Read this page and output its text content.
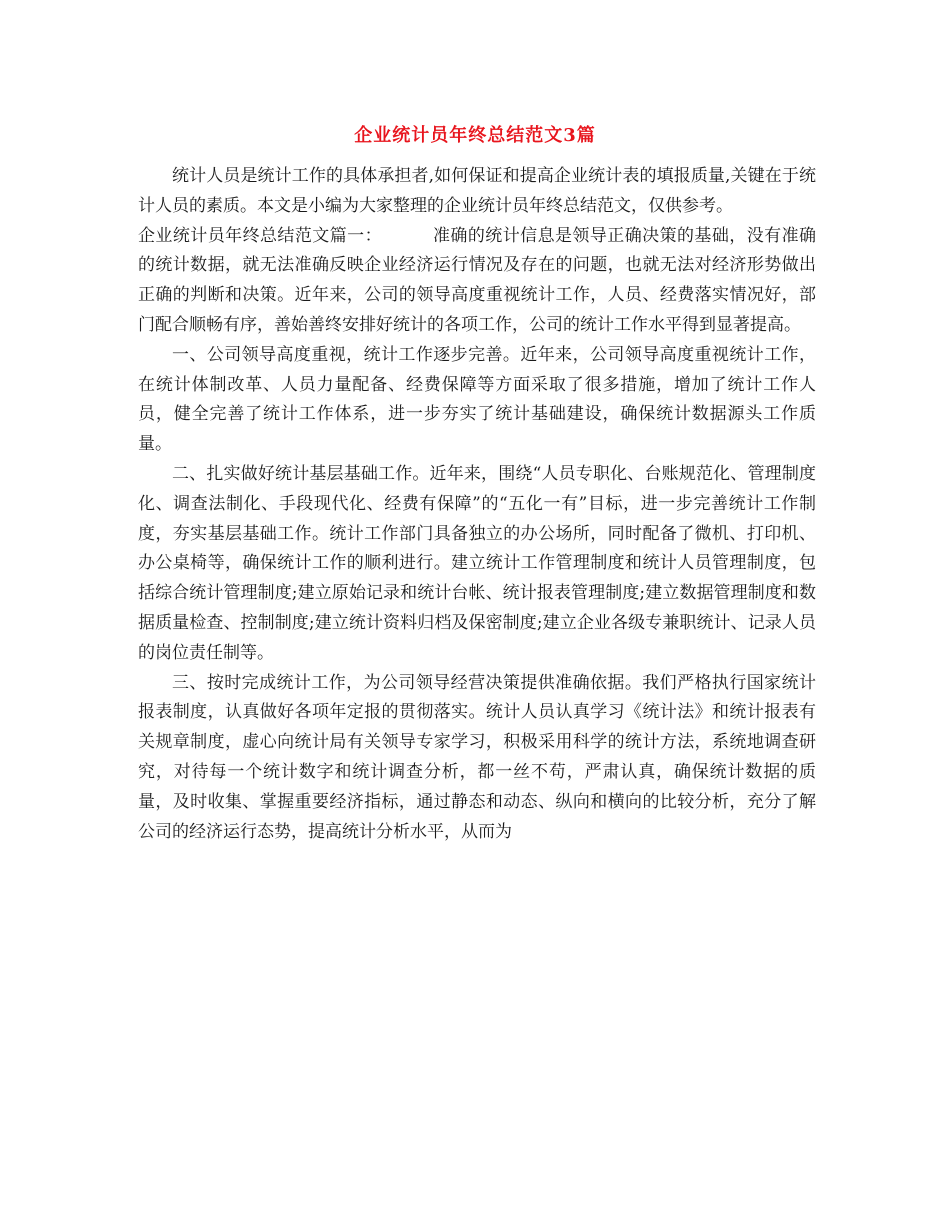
企业统计员年终总结范文3篇

统计人员是统计工作的具体承担者,如何保证和提高企业统计表的填报质量,关键在于统计人员的素质。本文是小编为大家整理的企业统计员年终总结范文，仅供参考。

企业统计员年终总结范文篇一：	准确的统计信息是领导正确决策的基础，没有准确的统计数据，就无法准确反映企业经济运行情况及存在的问题，也就无法对经济形势做出正确的判断和决策。近年来，公司的领导高度重视统计工作，人员、经费落实情况好，部门配合顺畅有序，善始善终安排好统计的各项工作，公司的统计工作水平得到显著提高。

一、公司领导高度重视，统计工作逐步完善。近年来，公司领导高度重视统计工作，在统计体制改革、人员力量配备、经费保障等方面采取了很多措施，增加了统计工作人员，健全完善了统计工作体系，进一步夯实了统计基础建设，确保统计数据源头工作质量。

二、扎实做好统计基层基础工作。近年来，围绕“人员专职化、台账规范化、管理制度化、调查法制化、手段现代化、经费有保障”的“五化一有”目标，进一步完善统计工作制度，夯实基层基础工作。统计工作部门具备独立的办公场所，同时配备了微机、打印机、办公桌椅等，确保统计工作的顺利进行。建立统计工作管理制度和统计人员管理制度，包括综合统计管理制度;建立原始记录和统计台帐、统计报表管理制度;建立数据管理制度和数据质量检查、控制制度;建立统计资料归档及保密制度;建立企业各级专兼职统计、记录人员的岗位责任制等。

三、按时完成统计工作，为公司领导经营决策提供准确依据。我们严格执行国家统计报表制度，认真做好各项年定报的贯彻落实。统计人员认真学习《统计法》和统计报表有关规章制度，虚心向统计局有关领导专家学习，积极采用科学的统计方法，系统地调查研究，对待每一个统计数字和统计调查分析，都一丝不苟，严肃认真，确保统计数据的质量，及时收集、掌握重要经济指标，通过静态和动态、纵向和横向的比较分析，充分了解公司的经济运行态势，提高统计分析水平，从而为
